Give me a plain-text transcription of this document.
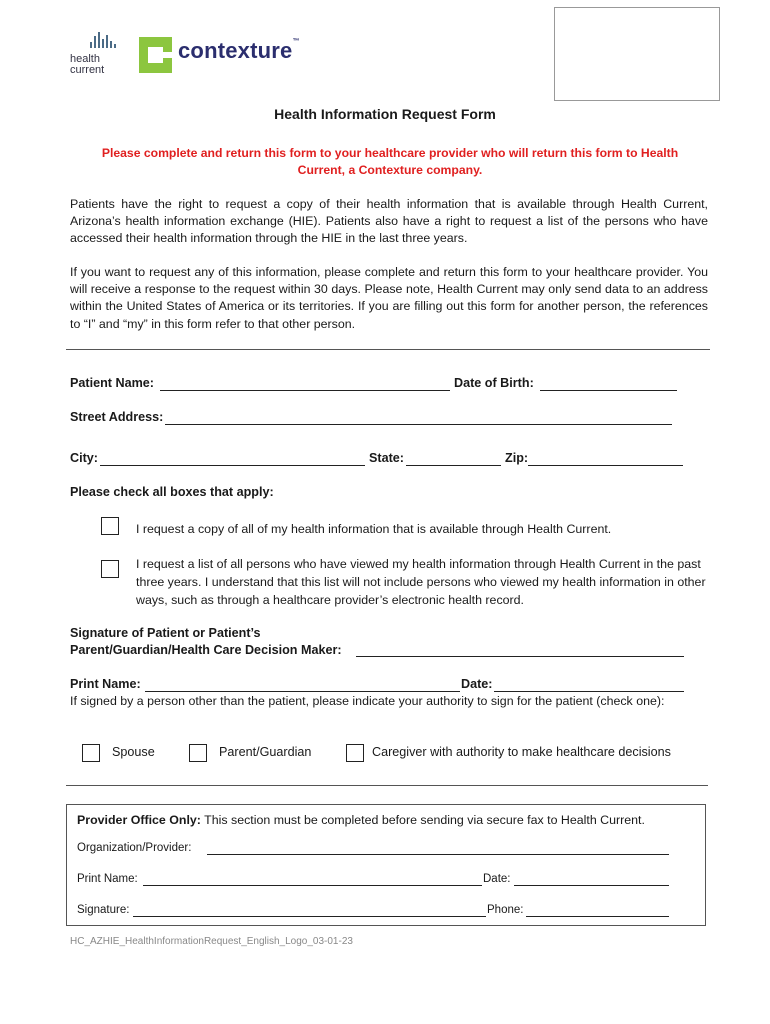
health
current
contexture™
Health Information Request Form
Please complete and return this form to your healthcare provider who will return this form to Health Current, a Contexture company.
Patients have the right to request a copy of their health information that is available through Health Current, Arizona’s health information exchange (HIE). Patients also have a right to request a list of the persons who have accessed their health information through the HIE in the last three years.
If you want to request any of this information, please complete and return this form to your healthcare provider. You will receive a response to the request within 30 days. Please note, Health Current may only send data to an address within the United States of America or its territories. If you are filling out this form for another person, the references to “I” and “my” in this form refer to that other person.
Patient Name:	Date of Birth:
Street Address:
City:	State:	Zip:
Please check all boxes that apply:
I request a copy of all of my health information that is available through Health Current.
I request a list of all persons who have viewed my health information through Health Current in the past three years. I understand that this list will not include persons who viewed my health information in other ways, such as through a healthcare provider’s electronic health record.
Signature of Patient or Patient’s
Parent/Guardian/Health Care Decision Maker:
Print Name:	Date:
If signed by a person other than the patient, please indicate your authority to sign for the patient (check one):
Spouse	Parent/Guardian	Caregiver with authority to make healthcare decisions
Provider Office Only: This section must be completed before sending via secure fax to Health Current.
Organization/Provider:
Print Name:	Date:
Signature:	Phone:
HC_AZHIE_HealthInformationRequest_English_Logo_03-01-23
